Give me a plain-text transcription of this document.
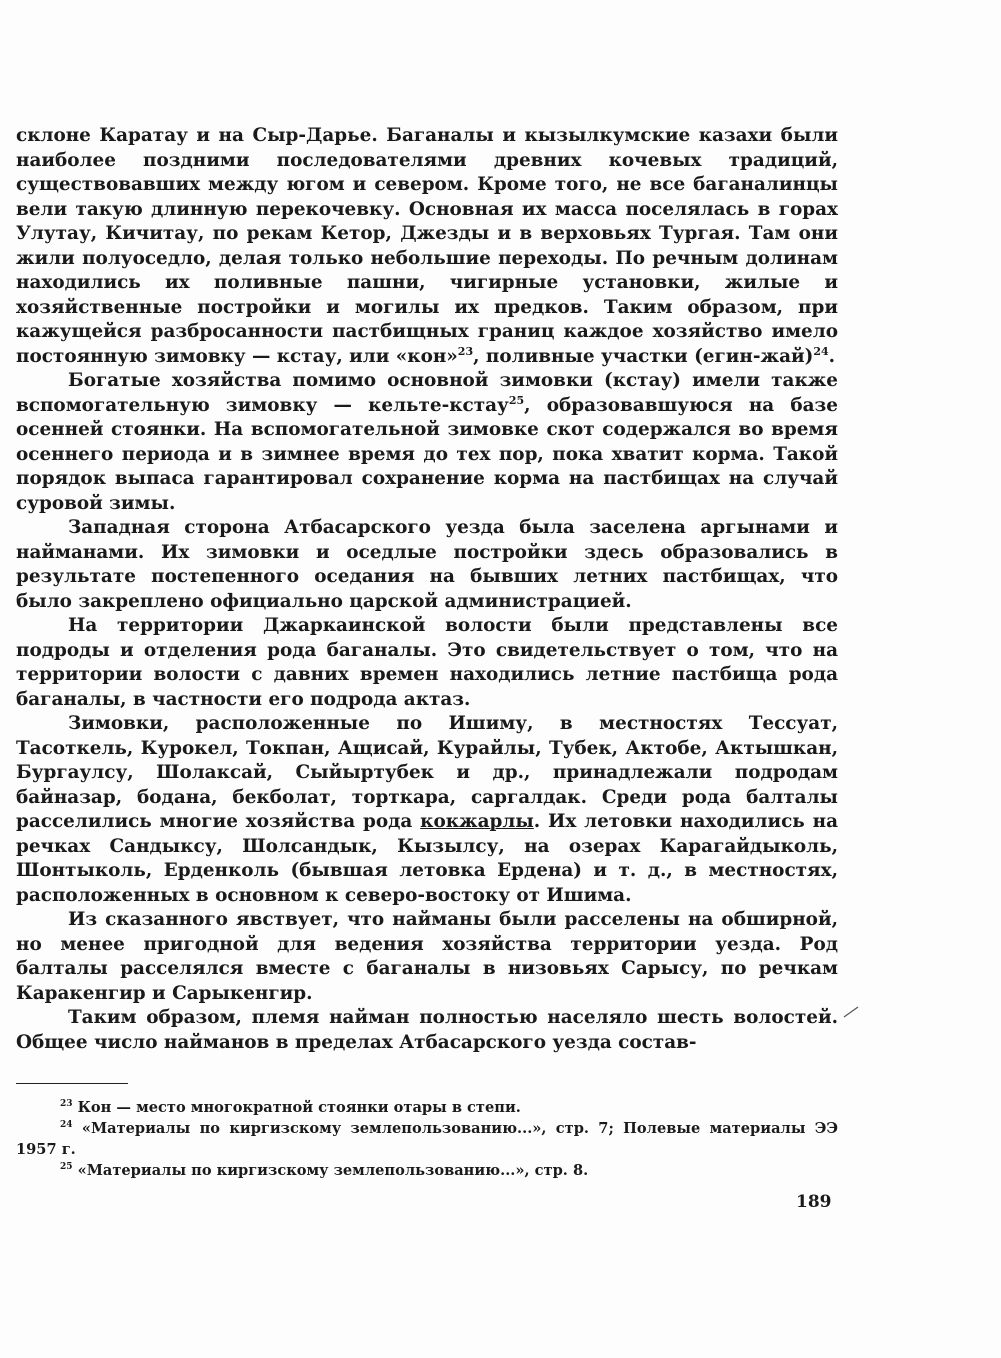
склоне Каратау и на Сыр-Дарье. Баганалы и кызылкумские казахи были наиболее поздними последователями древних кочевых традиций, существовавших между югом и севером. Кроме того, не все баганалинцы вели такую длинную перекочевку. Основная их масса поселялась в горах Улутау, Кичитау, по рекам Кетор, Джезды и в верховьях Тургая. Там они жили полуоседло, делая только небольшие переходы. По речным долинам находились их поливные пашни, чигирные установки, жилые и хозяйственные постройки и могилы их предков. Таким образом, при кажущейся разбросанности пастбищных границ каждое хозяйство имело постоянную зимовку — кстау, или «кон»$^{23}$, поливные участки (егин-жай)$^{24}$.

Богатые хозяйства помимо основной зимовки (кстау) имели также вспомогательную зимовку — кельте-кстау$^{25}$, образовавшуюся на базе осенней стоянки. На вспомогательной зимовке скот содержался во время осеннего периода и в зимнее время до тех пор, пока хватит корма. Такой порядок выпаса гарантировал сохранение корма на пастбищах на случай суровой зимы.

Западная сторона Атбасарского уезда была заселена аргынами и найманами. Их зимовки и оседлые постройки здесь образовались в результате постепенного оседания на бывших летних пастбищах, что было закреплено официально царской администрацией.

На территории Джаркаинской волости были представлены все подроды и отделения рода баганалы. Это свидетельствует о том, что на территории волости с давних времен находились летние пастбища рода баганалы, в частности его подрода актаз.

Зимовки, расположенные по Ишиму, в местностях Тессуат, Тасоткель, Курокел, Токпан, Ащисай, Курайлы, Тубек, Актобе, Актышкан, Бургаулсу, Шолаксай, Сыйыртубек и др., принадлежали подродам байназар, бодана, бекболат, торткара, саргалдак. Среди рода балталы расселились многие хозяйства рода кокжарлы. Их летовки находились на речках Сандыксу, Шолсандык, Кызылсу, на озерах Карагайдыколь, Шонтыколь, Ерденколь (бывшая летовка Ердена) и т. д., в местностях, расположенных в основном к северо-востоку от Ишима.

Из сказанного явствует, что найманы были расселены на обширной, но менее пригодной для ведения хозяйства территории уезда. Род балталы расселялся вместе с баганалы в низовьях Сарысу, по речкам Каракенгир и Сарыкенгир.

Таким образом, племя найман полностью населяло шесть волостей. Общее число найманов в пределах Атбасарского уезда состав-

$^{23}$ Кон — место многократной стоянки отары в степи.

$^{24}$ «Материалы по киргизскому землепользованию...», стр. 7; Полевые материалы ЭЭ 1957 г.

$^{25}$ «Материалы по киргизскому землепользованию...», стр. 8.

189
